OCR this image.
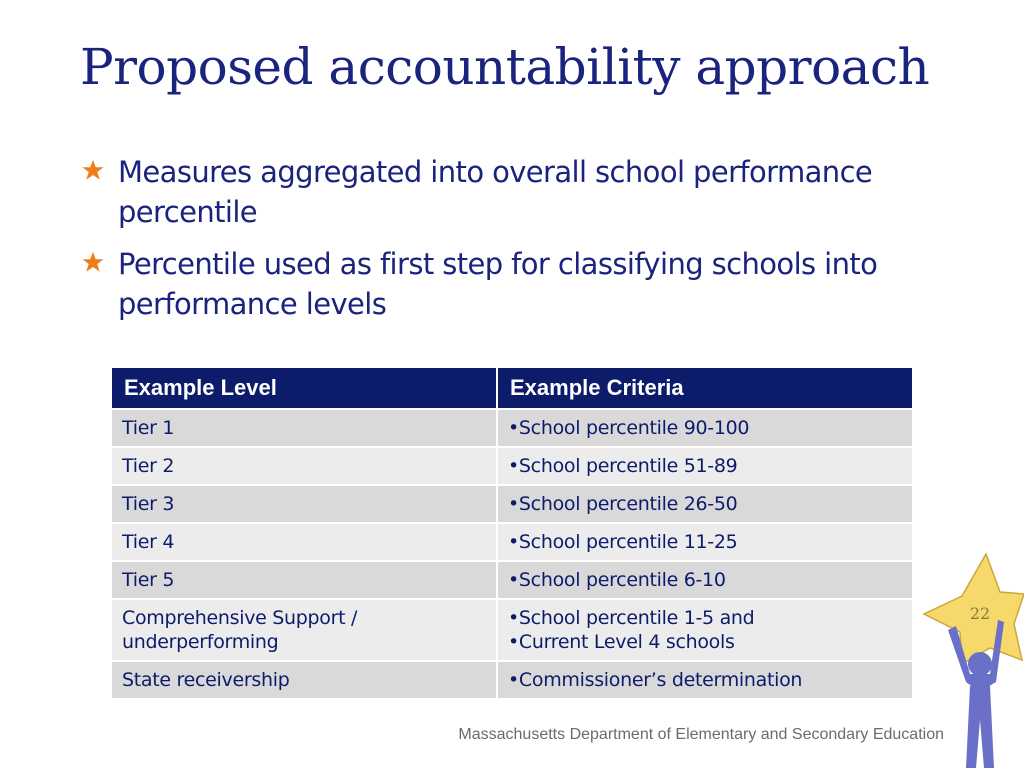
Proposed accountability approach
Measures aggregated into overall school performance percentile
Percentile used as first step for classifying schools into performance levels
Example Level	Example Criteria
Tier 1	•School percentile 90-100
Tier 2	•School percentile 51-89
Tier 3	•School percentile 26-50
Tier 4	•School percentile 11-25
Tier 5	•School percentile 6-10
Comprehensive Support / underperforming	•School percentile 1-5 and
•Current Level 4 schools

State receivership	•Commissioner’s determination
22
Massachusetts Department of Elementary and Secondary Education
